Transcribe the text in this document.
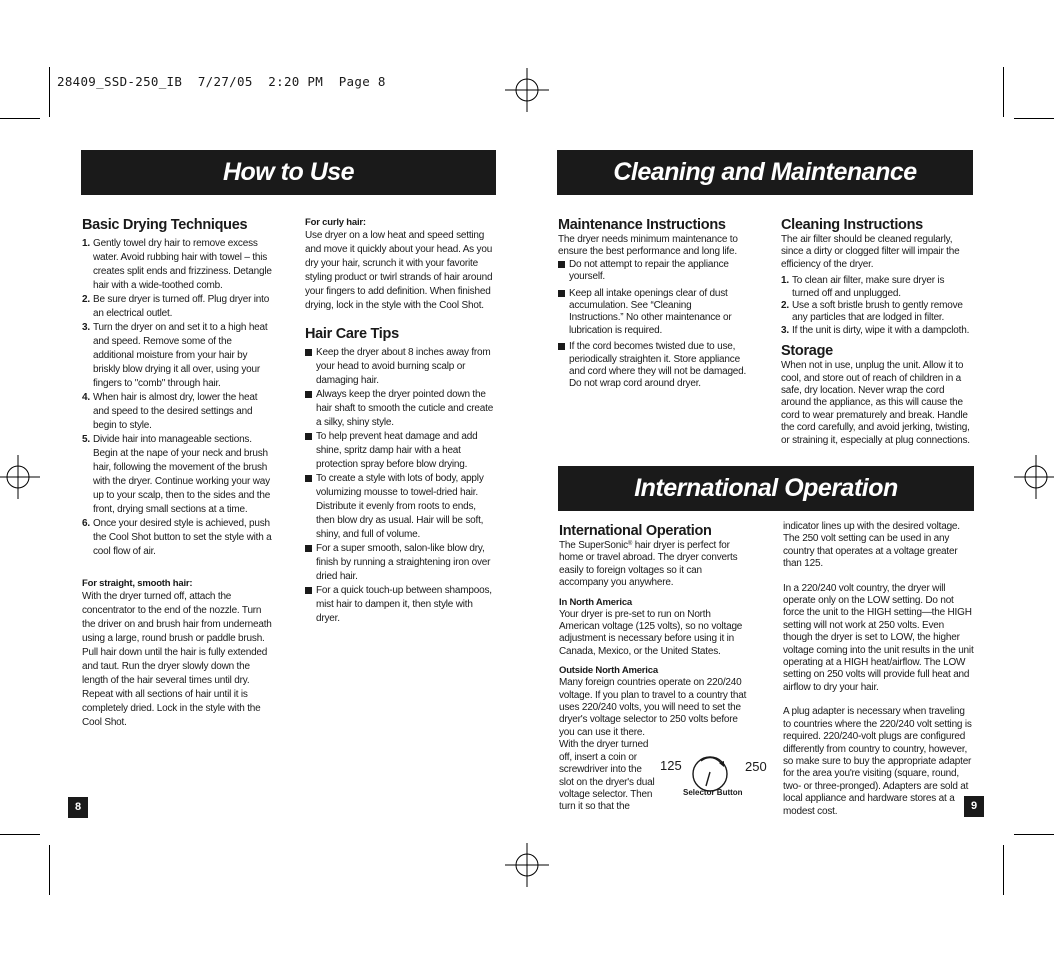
28409_SSD-250_IB  7/27/05  2:20 PM  Page 8
How to Use	Cleaning and Maintenance
International Operation
Basic Drying Techniques
1. Gently towel dry hair to remove excess water. Avoid rubbing hair with towel – this creates split ends and frizziness. Detangle hair with a wide-toothed comb.
2. Be sure dryer is turned off. Plug dryer into an electrical outlet.
3. Turn the dryer on and set it to a high heat and speed. Remove some of the additional moisture from your hair by briskly blow drying it all over, using your fingers to "comb" through hair.
4. When hair is almost dry, lower the heat and speed to the desired settings and begin to style.
5. Divide hair into manageable sections. Begin at the nape of your neck and brush hair, following the movement of the brush with the dryer. Continue working your way up to your scalp, then to the sides and the front, drying small sections at a time.
6. Once your desired style is achieved, push the Cool Shot button to set the style with a cool flow of air.
For straight, smooth hair:

With the dryer turned off, attach the concentrator to the end of the nozzle. Turn the driver on and brush hair from underneath using a large, round brush or paddle brush. Pull hair down until the hair is fully extended and taut. Run the dryer slowly down the length of the hair several times until dry. Repeat with all sections of hair until it is completely dried. Lock in the style with the Cool Shot.

For curly hair:

Use dryer on a low heat and speed setting and move it quickly about your head. As you dry your hair, scrunch it with your favorite styling product or twirl strands of hair around your fingers to add definition. When finished drying, lock in the style with the Cool Shot.

Hair Care Tips
Keep the dryer about 8 inches away from your head to avoid burning scalp or damaging hair.
Always keep the dryer pointed down the hair shaft to smooth the cuticle and create a silky, shiny style.
To help prevent heat damage and add shine, spritz damp hair with a heat protection spray before blow drying.
To create a style with lots of body, apply volumizing mousse to towel-dried hair. Distribute it evenly from roots to ends, then blow dry as usual. Hair will be soft, shiny, and full of volume.
For a super smooth, salon-like blow dry, finish by running a straightening iron over dried hair.
For a quick touch-up between shampoos, mist hair to dampen it, then style with dryer.
8
Maintenance Instructions

The dryer needs minimum maintenance to ensure the best performance and long life.

Do not attempt to repair the appliance yourself.
Keep all intake openings clear of dust accumulation. See “Cleaning Instructions.” No other maintenance or lubrication is required.
If the cord becomes twisted due to use, periodically straighten it. Store appliance and cord where they will not be damaged. Do not wrap cord around dryer.
Cleaning Instructions

The air filter should be cleaned regularly, since a dirty or clogged filter will impair the efficiency of the dryer.

1. To clean air filter, make sure dryer is turned off and unplugged.
2. Use a soft bristle brush to gently remove any particles that are lodged in filter.
3. If the unit is dirty, wipe it with a dampcloth.
Storage

When not in use, unplug the unit. Allow it to cool, and store out of reach of children in a safe, dry location. Never wrap the cord around the appliance, as this will cause the cord to wear prematurely and break. Handle the cord carefully, and avoid jerking, twisting, or straining it, especially at plug connections.

International Operation

The SuperSonic® hair dryer is perfect for home or travel abroad. The dryer converts easily to foreign voltages so it can accompany you anywhere.

In North America

Your dryer is pre-set to run on North American voltage (125 volts), so no voltage adjustment is necessary before using it in Canada, Mexico, or the United States.

Outside North America

Many foreign countries operate on 220/240 voltage. If you plan to travel to a country that uses 220/240 volts, you will need to set the dryer's voltage selector to 250 volts before

you can use it there. With the dryer turned off, insert a coin or screwdriver into the slot on the dryer's dual voltage selector. Then turn it so that the

125	250
Selector Button

indicator lines up with the desired voltage. The 250 volt setting can be used in any country that operates at a voltage greater than 125.

In a 220/240 volt country, the dryer will operate only on the LOW setting. Do not force the unit to the HIGH setting—the HIGH setting will not work at 250 volts. Even though the dryer is set to LOW, the higher voltage coming into the unit results in the unit operating at a HIGH heat/airflow. The LOW setting on 250 volts will provide full heat and airflow to dry your hair.

A plug adapter is necessary when traveling to countries where the 220/240 volt setting is required. 220/240-volt plugs are configured differently from country to country, however, so make sure to buy the appropriate adapter for the area you're visiting (square, round, two- or three-pronged). Adapters are sold at local appliance and hardware stores at a modest cost.	9
